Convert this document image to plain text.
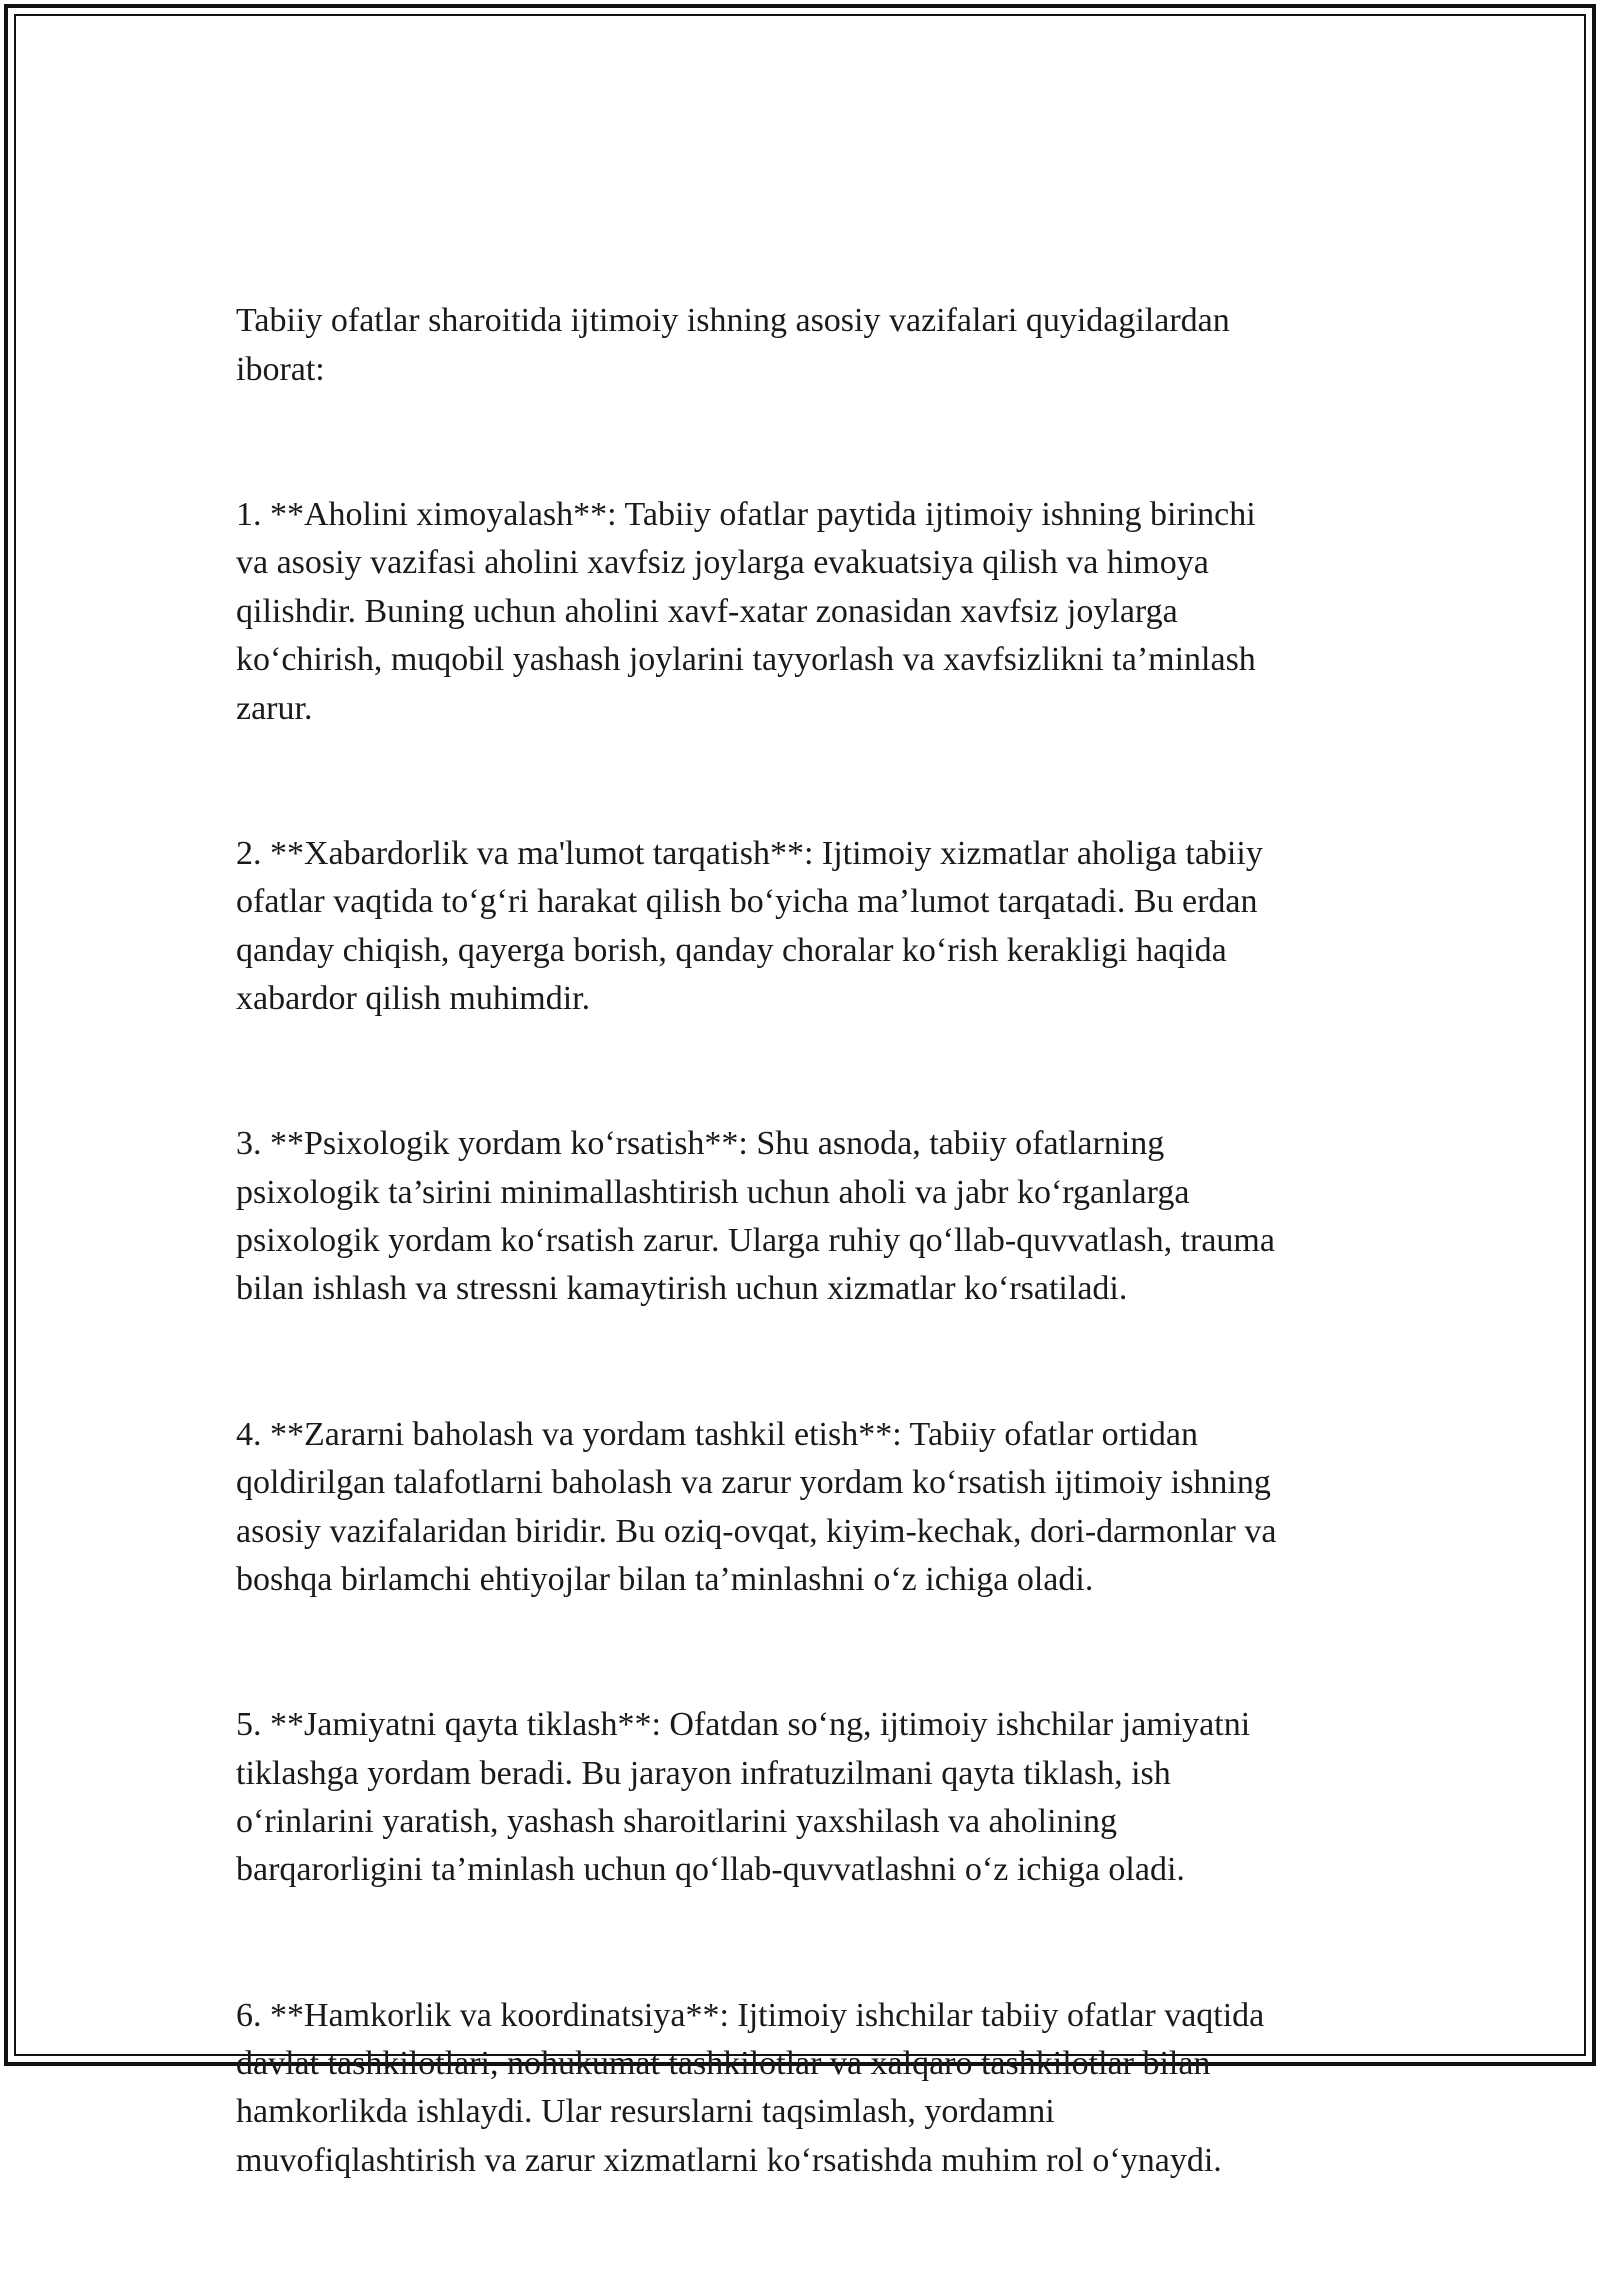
Tabiiy ofatlar sharoitida ijtimoiy ishning asosiy vazifalari quyidagilardan
iborat:

1. **Aholini ximoyalash**: Tabiiy ofatlar paytida ijtimoiy ishning birinchi
va asosiy vazifasi aholini xavfsiz joylarga evakuatsiya qilish va himoya
qilishdir. Buning uchun aholini xavf-xatar zonasidan xavfsiz joylarga
ko‘chirish, muqobil yashash joylarini tayyorlash va xavfsizlikni ta’minlash
zarur.

2. **Xabardorlik va ma'lumot tarqatish**: Ijtimoiy xizmatlar aholiga tabiiy
ofatlar vaqtida to‘g‘ri harakat qilish bo‘yicha ma’lumot tarqatadi. Bu erdan
qanday chiqish, qayerga borish, qanday choralar ko‘rish kerakligi haqida
xabardor qilish muhimdir.

3. **Psixologik yordam ko‘rsatish**: Shu asnoda, tabiiy ofatlarning
psixologik ta’sirini minimallashtirish uchun aholi va jabr ko‘rganlarga
psixologik yordam ko‘rsatish zarur. Ularga ruhiy qo‘llab-quvvatlash, trauma
bilan ishlash va stressni kamaytirish uchun xizmatlar ko‘rsatiladi.

4. **Zararni baholash va yordam tashkil etish**: Tabiiy ofatlar ortidan
qoldirilgan talafotlarni baholash va zarur yordam ko‘rsatish ijtimoiy ishning
asosiy vazifalaridan biridir. Bu oziq-ovqat, kiyim-kechak, dori-darmonlar va
boshqa birlamchi ehtiyojlar bilan ta’minlashni o‘z ichiga oladi.

5. **Jamiyatni qayta tiklash**: Ofatdan so‘ng, ijtimoiy ishchilar jamiyatni
tiklashga yordam beradi. Bu jarayon infratuzilmani qayta tiklash, ish
o‘rinlarini yaratish, yashash sharoitlarini yaxshilash va aholining
barqarorligini ta’minlash uchun qo‘llab-quvvatlashni o‘z ichiga oladi.

6. **Hamkorlik va koordinatsiya**: Ijtimoiy ishchilar tabiiy ofatlar vaqtida
davlat tashkilotlari, nohukumat tashkilotlar va xalqaro tashkilotlar bilan
hamkorlikda ishlaydi. Ular resurslarni taqsimlash, yordamni
muvofiqlashtirish va zarur xizmatlarni ko‘rsatishda muhim rol o‘ynaydi.
